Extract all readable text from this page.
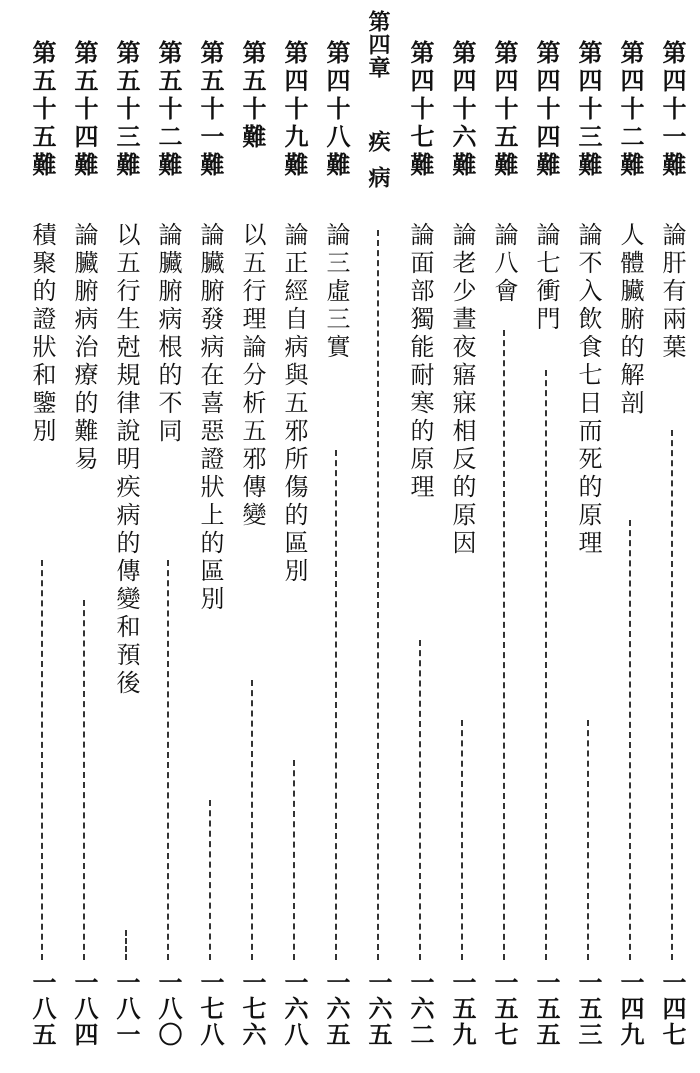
第四十一難
論肝有兩葉
一四七
第四十二難
人體臟腑的解剖
一四九
第四十三難
論不入飲食七日而死的原理
一五三
第四十四難
論七衝門
一五五
第四十五難
論八會
一五七
第四十六難
論老少晝夜寤寐相反的原因
一五九
第四十七難
論面部獨能耐寒的原理
一六二
第四章
疾病
一六五
第四十八難
論三虛三實
一六五
第四十九難
論正經自病與五邪所傷的區別
一六八
第五十難
以五行理論分析五邪傳變
一七六
第五十一難
論臟腑發病在喜惡證狀上的區別
一七八
第五十二難
論臟腑病根的不同
一八〇
第五十三難
以五行生尅規律說明疾病的傳變和預後
一八一
第五十四難
論臟腑病治療的難易
一八四
第五十五難
積聚的證狀和鑒別
一八五
